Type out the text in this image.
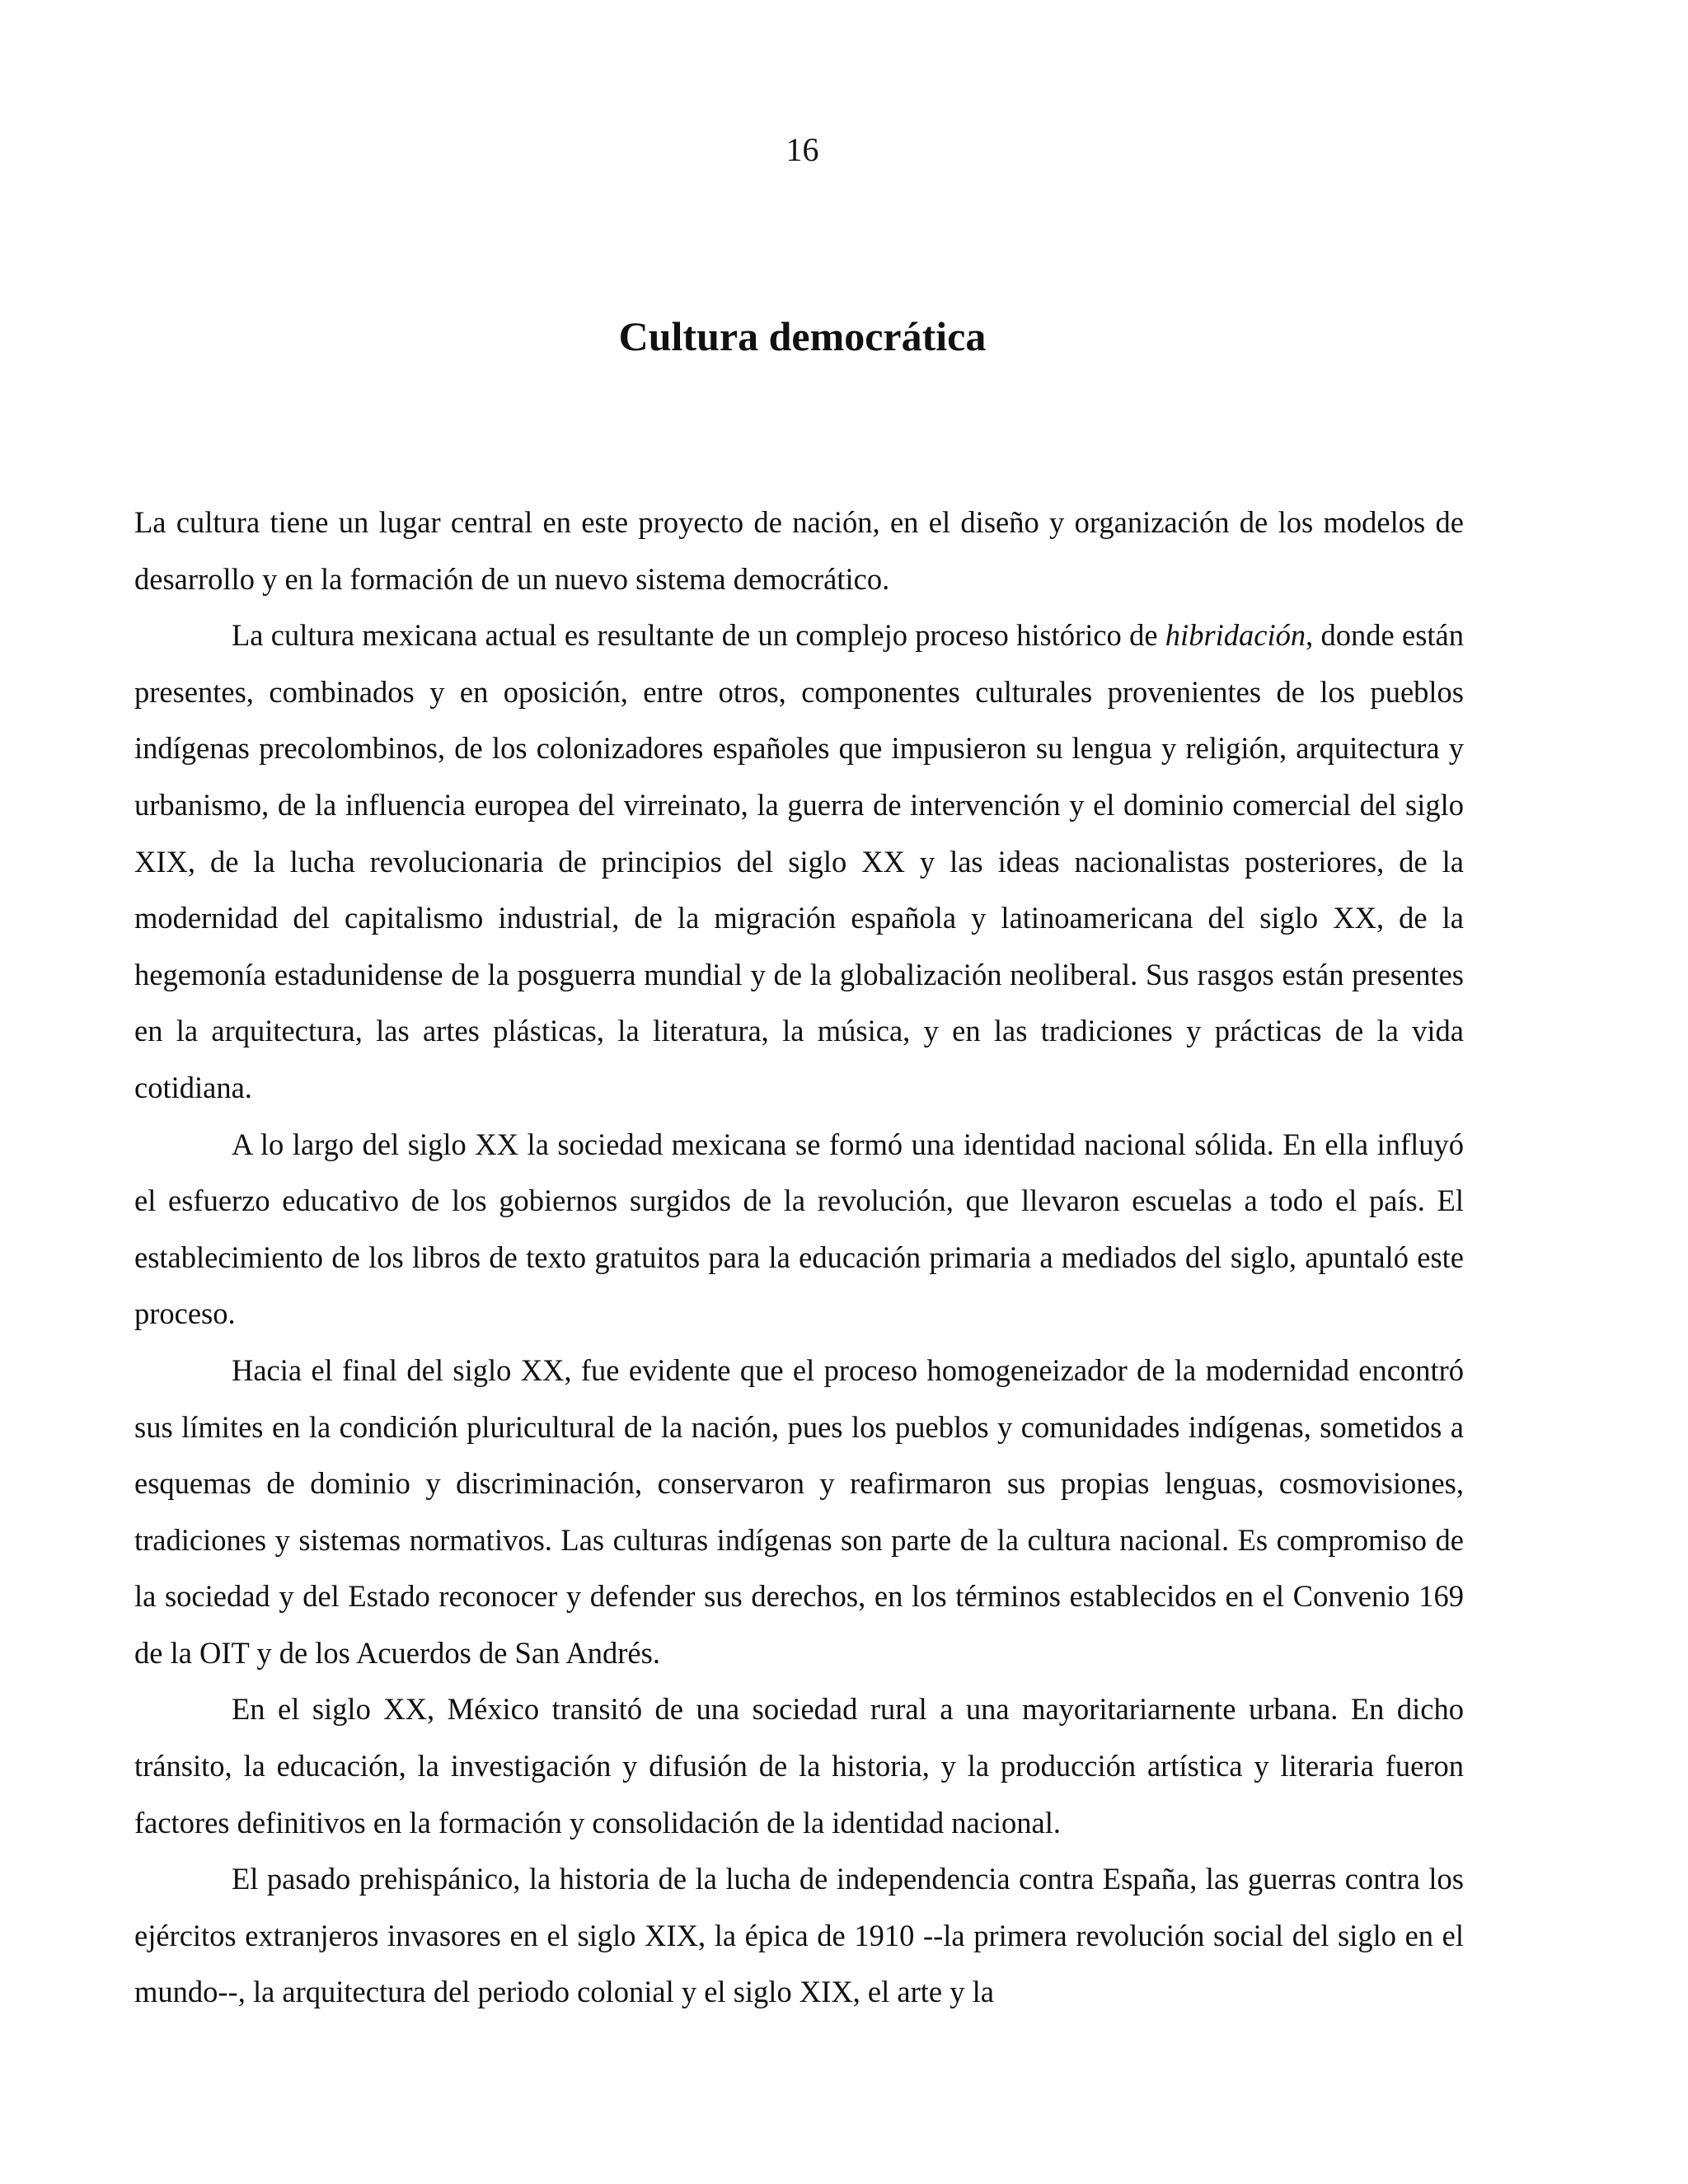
16
Cultura democrática

La cultura tiene un lugar central en este proyecto de nación, en el diseño y organización de los modelos de desarrollo y en la formación de un nuevo sistema democrático.

La cultura mexicana actual es resultante de un complejo proceso histórico de hibridación, donde están presentes, combinados y en oposición, entre otros, componentes culturales provenientes de los pueblos indígenas precolombinos, de los colonizadores españoles que impusieron su lengua y religión, arquitectura y urbanismo, de la influencia europea del virreinato, la guerra de intervención y el dominio comercial del siglo XIX, de la lucha revolucionaria de principios del siglo XX y las ideas nacionalistas posteriores, de la modernidad del capitalismo industrial, de la migración española y latinoamericana del siglo XX, de la hegemonía estadunidense de la posguerra mundial y de la globalización neoliberal. Sus rasgos están presentes en la arquitectura, las artes plásticas, la literatura, la música, y en las tradiciones y prácticas de la vida cotidiana.

A lo largo del siglo XX la sociedad mexicana se formó una identidad nacional sólida. En ella influyó el esfuerzo educativo de los gobiernos surgidos de la revolución, que llevaron escuelas a todo el país. El establecimiento de los libros de texto gratuitos para la educación primaria a mediados del siglo, apuntaló este proceso.

Hacia el final del siglo XX, fue evidente que el proceso homogeneizador de la modernidad encontró sus límites en la condición pluricultural de la nación, pues los pueblos y comunidades indígenas, sometidos a esquemas de dominio y discriminación, conservaron y reafirmaron sus propias lenguas, cosmovisiones, tradiciones y sistemas normativos. Las culturas indígenas son parte de la cultura nacional. Es compromiso de la sociedad y del Estado reconocer y defender sus derechos, en los términos establecidos en el Convenio 169 de la OIT y de los Acuerdos de San Andrés.

En el siglo XX, México transitó de una sociedad rural a una mayoritariarnente urbana. En dicho tránsito, la educación, la investigación y difusión de la historia, y la producción artística y literaria fueron factores definitivos en la formación y consolidación de la identidad nacional.

El pasado prehispánico, la historia de la lucha de independencia contra España, las guerras contra los ejércitos extranjeros invasores en el siglo XIX, la épica de 1910 --la primera revolución social del siglo en el mundo--, la arquitectura del periodo colonial y el siglo XIX, el arte y la
